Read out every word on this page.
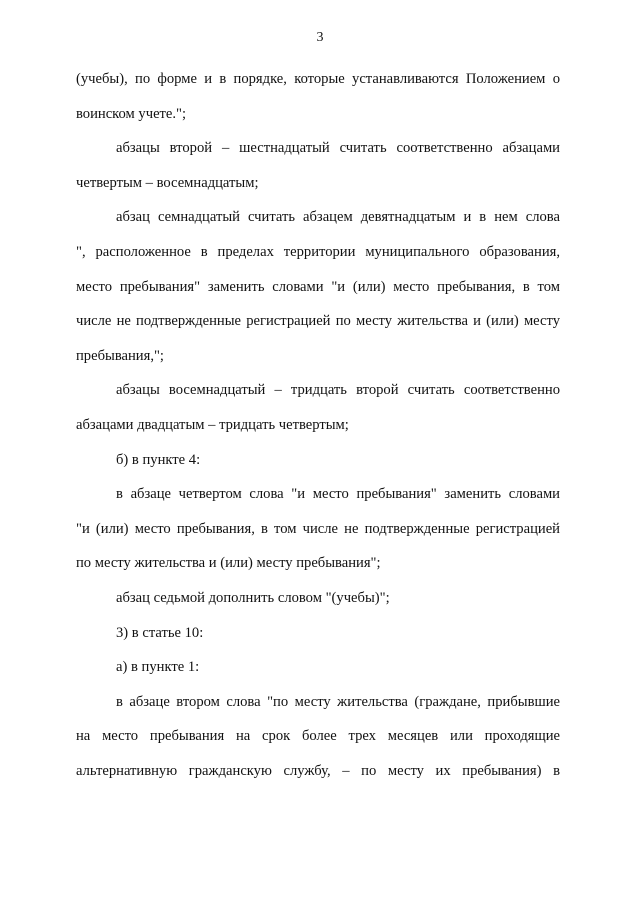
3
(учебы), по форме и в порядке, которые устанавливаются Положением о
воинском учете.";
абзацы второй – шестнадцатый считать соответственно абзацами
четвертым – восемнадцатым;
абзац семнадцатый считать абзацем девятнадцатым и в нем слова
", расположенное в пределах территории муниципального образования,
место пребывания" заменить словами "и (или) место пребывания, в том
числе не подтвержденные регистрацией по месту жительства и (или) месту
пребывания,";
абзацы восемнадцатый – тридцать второй считать соответственно
абзацами двадцатым – тридцать четвертым;
б) в пункте 4:
в абзаце четвертом слова "и место пребывания" заменить словами
"и (или) место пребывания, в том числе не подтвержденные регистрацией
по месту жительства и (или) месту пребывания";
абзац седьмой дополнить словом "(учебы)";
3) в статье 10:
а) в пункте 1:
в абзаце втором слова "по месту жительства (граждане, прибывшие
на место пребывания на срок более трех месяцев или проходящие
альтернативную гражданскую службу, – по месту их пребывания) в
